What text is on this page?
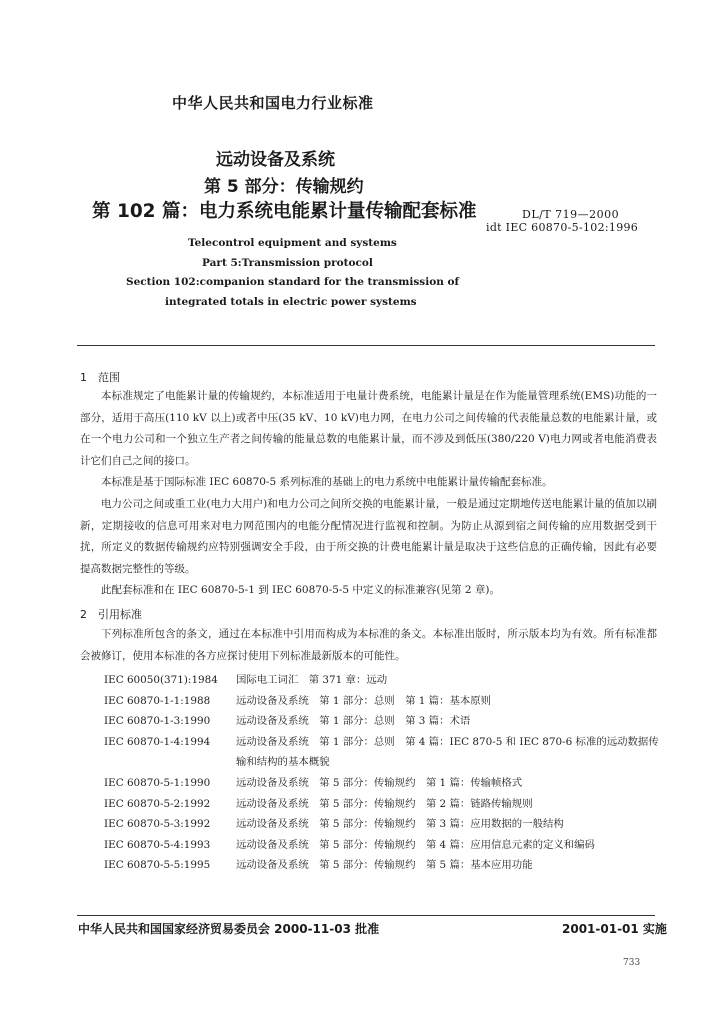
中华人民共和国电力行业标准
远动设备及系统
第 5 部分：传输规约
第 102 篇：电力系统电能累计量传输配套标准	DL/T 719—2000
idt IEC 60870-5-102:1996
Telecontrol equipment and systems
Part 5:Transmission protocol
Section 102:companion standard for the transmission of
integrated totals in electric power systems
1 范围

本标准规定了电能累计量的传输规约，本标准适用于电量计费系统，电能累计量是在作为能量管理系统(EMS)功能的一部分，适用于高压(110 kV 以上)或者中压(35 kV、10 kV)电力网，在电力公司之间传输的代表能量总数的电能累计量，或在一个电力公司和一个独立生产者之间传输的能量总数的电能累计量，而不涉及到低压(380/220 V)电力网或者电能消费表计它们自己之间的接口。

本标准是基于国际标准 IEC 60870-5 系列标准的基础上的电力系统中电能累计量传输配套标准。

电力公司之间或重工业(电力大用户)和电力公司之间所交换的电能累计量，一般是通过定期地传送电能累计量的值加以刷新，定期接收的信息可用来对电力网范围内的电能分配情况进行监视和控制。为防止从源到宿之间传输的应用数据受到干扰，所定义的数据传输规约应特别强调安全手段，由于所交换的计费电能累计量是取决于这些信息的正确传输，因此有必要提高数据完整性的等级。

此配套标准和在 IEC 60870-5-1 到 IEC 60870-5-5 中定义的标准兼容(见第 2 章)。

2 引用标准

下列标准所包含的条文，通过在本标准中引用而构成为本标准的条文。本标准出版时，所示版本均为有效。所有标准都会被修订，使用本标准的各方应探讨使用下列标准最新版本的可能性。

IEC 60050(371):1984	国际电工词汇　第 371 章：远动
IEC 60870-1-1:1988	远动设备及系统　第 1 部分：总则　第 1 篇：基本原则
IEC 60870-1-3:1990	远动设备及系统　第 1 部分：总则　第 3 篇：术语
IEC 60870-1-4:1994	远动设备及系统　第 1 部分：总则　第 4 篇：IEC 870-5 和 IEC 870-6 标准的远动数据传输和结构的基本概貌
IEC 60870-5-1:1990	远动设备及系统　第 5 部分：传输规约　第 1 篇：传输帧格式
IEC 60870-5-2:1992	远动设备及系统　第 5 部分：传输规约　第 2 篇：链路传输规则
IEC 60870-5-3:1992	远动设备及系统　第 5 部分：传输规约　第 3 篇：应用数据的一般结构
IEC 60870-5-4:1993	远动设备及系统　第 5 部分：传输规约　第 4 篇：应用信息元素的定义和编码
IEC 60870-5-5:1995	远动设备及系统　第 5 部分：传输规约　第 5 篇：基本应用功能
中华人民共和国国家经济贸易委员会 2000-11-03 批准	2001-01-01 实施
733
